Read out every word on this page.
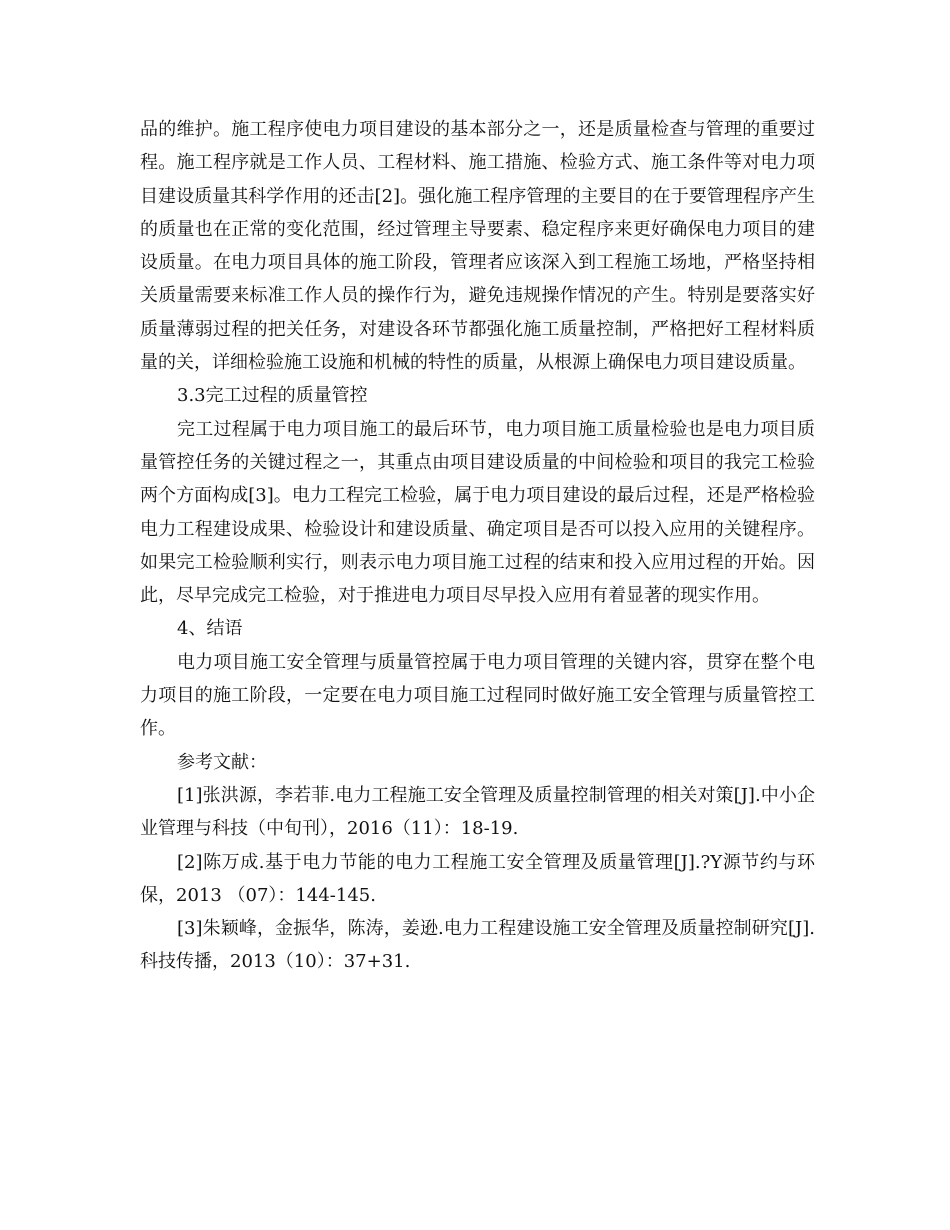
品的维护。施工程序使电力项目建设的基本部分之一，还是质量检查与管理的重要过程。施工程序就是工作人员、工程材料、施工措施、检验方式、施工条件等对电力项目建设质量其科学作用的还击[2]。强化施工程序管理的主要目的在于要管理程序产生的质量也在正常的变化范围，经过管理主导要素、稳定程序来更好确保电力项目的建设质量。在电力项目具体的施工阶段，管理者应该深入到工程施工场地，严格坚持相关质量需要来标准工作人员的操作行为，避免违规操作情况的产生。特别是要落实好质量薄弱过程的把关任务，对建设各环节都强化施工质量控制，严格把好工程材料质量的关，详细检验施工设施和机械的特性的质量，从根源上确保电力项目建设质量。

3.3完工过程的质量管控

完工过程属于电力项目施工的最后环节，电力项目施工质量检验也是电力项目质量管控任务的关键过程之一，其重点由项目建设质量的中间检验和项目的我完工检验两个方面构成[3]。电力工程完工检验，属于电力项目建设的最后过程，还是严格检验电力工程建设成果、检验设计和建设质量、确定项目是否可以投入应用的关键程序。如果完工检验顺利实行，则表示电力项目施工过程的结束和投入应用过程的开始。因此，尽早完成完工检验，对于推进电力项目尽早投入应用有着显著的现实作用。

4、结语

电力项目施工安全管理与质量管控属于电力项目管理的关键内容，贯穿在整个电力项目的施工阶段，一定要在电力项目施工过程同时做好施工安全管理与质量管控工作。

参考文献：

[1]张洪源，李若菲.电力工程施工安全管理及质量控制管理的相关对策[J].中小企业管理与科技（中旬刊），2016（11）：18-19.

[2]陈万成.基于电力节能的电力工程施工安全管理及质量管理[J].?Y源节约与环保，2013 （07）：144-145.

[3]朱颖峰，金振华，陈涛，姜逊.电力工程建设施工安全管理及质量控制研究[J].科技传播，2013（10）：37+31.
